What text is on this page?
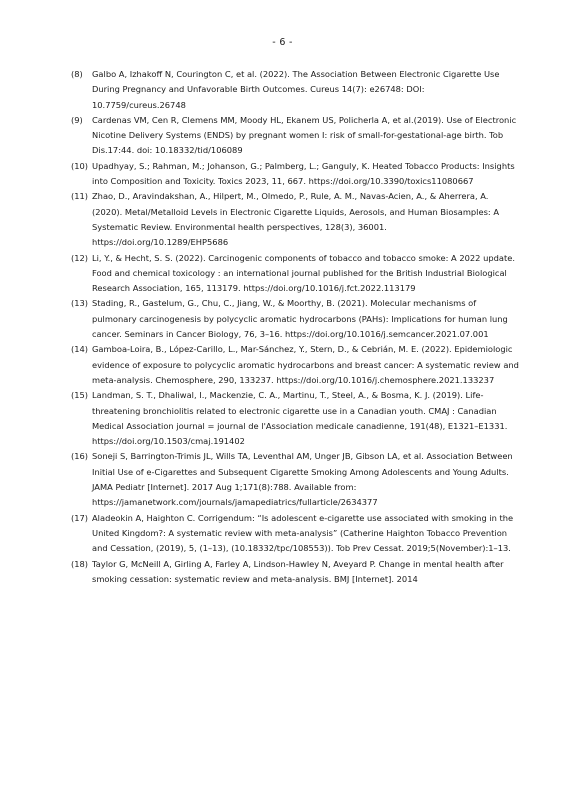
- 6 -
(8)	Galbo A, Izhakoff N, Courington C, et al. (2022). The Association Between Electronic Cigarette Use During Pregnancy and Unfavorable Birth Outcomes. Cureus 14(7): e26748: DOI: 10.7759/cureus.26748
(9)	Cardenas VM, Cen R, Clemens MM, Moody HL, Ekanem US, Policherla A, et al.(2019). Use of Electronic Nicotine Delivery Systems (ENDS) by pregnant women I: risk of small-for-gestational-age birth. Tob Dis.17:44. doi: 10.18332/tid/106089
(10) Upadhyay, S.; Rahman, M.; Johanson, G.; Palmberg, L.; Ganguly, K. Heated Tobacco Products: Insights into Composition and Toxicity. Toxics 2023, 11, 667. https://doi.org/10.3390/toxics11080667
(11) Zhao, D., Aravindakshan, A., Hilpert, M., Olmedo, P., Rule, A. M., Navas-Acien, A., & Aherrera, A. (2020). Metal/Metalloid Levels in Electronic Cigarette Liquids, Aerosols, and Human Biosamples: A Systematic Review. Environmental health perspectives, 128(3), 36001. https://doi.org/10.1289/EHP5686
(12) Li, Y., & Hecht, S. S. (2022). Carcinogenic components of tobacco and tobacco smoke: A 2022 update. Food and chemical toxicology : an international journal published for the British Industrial Biological Research Association, 165, 113179. https://doi.org/10.1016/j.fct.2022.113179
(13) Stading, R., Gastelum, G., Chu, C., Jiang, W., & Moorthy, B. (2021). Molecular mechanisms of pulmonary carcinogenesis by polycyclic aromatic hydrocarbons (PAHs): Implications for human lung cancer. Seminars in Cancer Biology, 76, 3–16. https://doi.org/10.1016/j.semcancer.2021.07.001
(14) Gamboa-Loira, B., López-Carillo, L., Mar-Sánchez, Y., Stern, D., & Cebrián, M. E. (2022). Epidemiologic evidence of exposure to polycyclic aromatic hydrocarbons and breast cancer: A systematic review and meta-analysis. Chemosphere, 290, 133237. https://doi.org/10.1016/j.chemosphere.2021.133237
(15) Landman, S. T., Dhaliwal, I., Mackenzie, C. A., Martinu, T., Steel, A., & Bosma, K. J. (2019). Life-threatening bronchiolitis related to electronic cigarette use in a Canadian youth. CMAJ : Canadian Medical Association journal = journal de l'Association medicale canadienne, 191(48), E1321–E1331. https://doi.org/10.1503/cmaj.191402
(16) Soneji S, Barrington-Trimis JL, Wills TA, Leventhal AM, Unger JB, Gibson LA, et al. Association Between Initial Use of e-Cigarettes and Subsequent Cigarette Smoking Among Adolescents and Young Adults. JAMA Pediatr [Internet]. 2017 Aug 1;171(8):788. Available from: https://jamanetwork.com/journals/jamapediatrics/fullarticle/2634377
(17) Aladeokin A, Haighton C. Corrigendum: “Is adolescent e-cigarette use associated with smoking in the United Kingdom?: A systematic review with meta-analysis” (Catherine Haighton Tobacco Prevention and Cessation, (2019), 5, (1–13), (10.18332/tpc/108553)). Tob Prev Cessat. 2019;5(November):1–13.
(18) Taylor G, McNeill A, Girling A, Farley A, Lindson-Hawley N, Aveyard P. Change in mental health after smoking cessation: systematic review and meta-analysis. BMJ [Internet]. 2014
